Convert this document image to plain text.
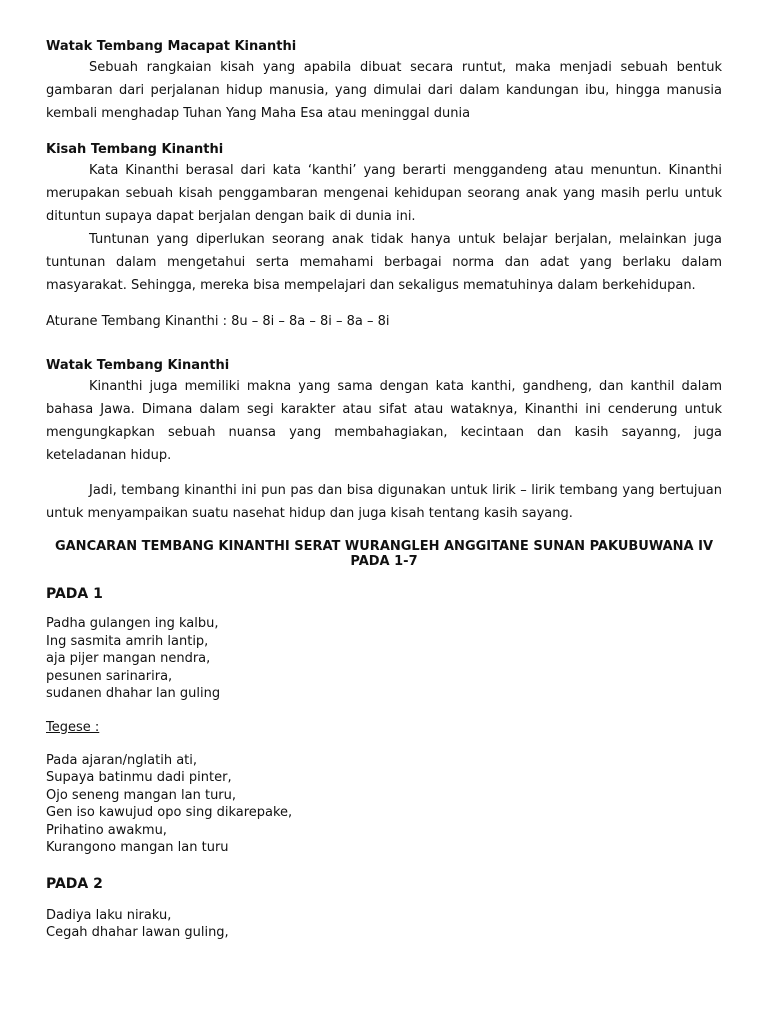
Watak Tembang Macapat Kinanthi

Sebuah rangkaian kisah yang apabila dibuat secara runtut, maka menjadi sebuah bentuk gambaran dari perjalanan hidup manusia, yang dimulai dari dalam kandungan ibu, hingga manusia kembali menghadap Tuhan Yang Maha Esa atau meninggal dunia

Kisah Tembang Kinanthi

Kata Kinanthi berasal dari kata ‘kanthi’ yang berarti menggandeng atau menuntun. Kinanthi merupakan sebuah kisah penggambaran mengenai kehidupan seorang anak yang masih perlu untuk dituntun supaya dapat berjalan dengan baik di dunia ini.

Tuntunan yang diperlukan seorang anak tidak hanya untuk belajar berjalan, melainkan juga tuntunan dalam mengetahui serta memahami berbagai norma dan adat yang berlaku dalam masyarakat. Sehingga, mereka bisa mempelajari dan sekaligus mematuhinya dalam berkehidupan.

Aturane Tembang Kinanthi : 8u – 8i – 8a – 8i – 8a – 8i
Watak Tembang Kinanthi

Kinanthi juga memiliki makna yang sama dengan kata kanthi, gandheng, dan kanthil dalam bahasa Jawa. Dimana dalam segi karakter atau sifat atau wataknya, Kinanthi ini cenderung untuk mengungkapkan sebuah nuansa yang membahagiakan, kecintaan dan kasih sayanng, juga keteladanan hidup.

Jadi, tembang kinanthi ini pun pas dan bisa digunakan untuk lirik – lirik tembang yang bertujuan untuk menyampaikan suatu nasehat hidup dan juga kisah tentang kasih sayang.

GANCARAN TEMBANG KINANTHI SERAT WURANGLEH ANGGITANE SUNAN PAKUBUWANA IV PADA 1-7
PADA 1
Padha gulangen ing kalbu,
Ing sasmita amrih lantip,
aja pijer mangan nendra,
pesunen sarinarira,
sudanen dhahar lan guling
Tegese :
Pada ajaran/nglatih ati,
Supaya batinmu dadi pinter,
Ojo seneng mangan lan turu,
Gen iso kawujud opo sing dikarepake,
Prihatino awakmu,
Kurangono mangan lan turu
PADA 2
Dadiya laku niraku,
Cegah dhahar lawan guling,
